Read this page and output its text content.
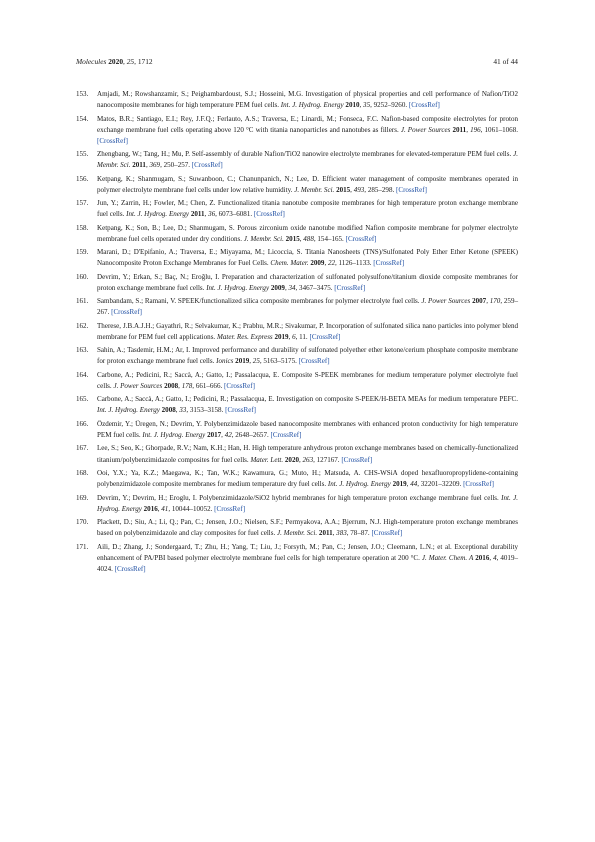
Molecules 2020, 25, 1712	41 of 44
153. Amjadi, M.; Rowshanzamir, S.; Peighambardoust, S.J.; Hosseini, M.G. Investigation of physical properties and cell performance of Nafion/TiO2 nanocomposite membranes for high temperature PEM fuel cells. Int. J. Hydrog. Energy 2010, 35, 9252–9260. [CrossRef]
154. Matos, B.R.; Santiago, E.I.; Rey, J.F.Q.; Ferlauto, A.S.; Traversa, E.; Linardi, M.; Fonseca, F.C. Nafion-based composite electrolytes for proton exchange membrane fuel cells operating above 120 °C with titania nanoparticles and nanotubes as fillers. J. Power Sources 2011, 196, 1061–1068. [CrossRef]
155. Zhengbang, W.; Tang, H.; Mu, P. Self-assembly of durable Nafion/TiO2 nanowire electrolyte membranes for elevated-temperature PEM fuel cells. J. Membr. Sci. 2011, 369, 250–257. [CrossRef]
156. Ketpang, K.; Shanmugam, S.; Suwanboon, C.; Chanunpanich, N.; Lee, D. Efficient water management of composite membranes operated in polymer electrolyte membrane fuel cells under low relative humidity. J. Membr. Sci. 2015, 493, 285–298. [CrossRef]
157. Jun, Y.; Zarrin, H.; Fowler, M.; Chen, Z. Functionalized titania nanotube composite membranes for high temperature proton exchange membrane fuel cells. Int. J. Hydrog. Energy 2011, 36, 6073–6081. [CrossRef]
158. Ketpang, K.; Son, B.; Lee, D.; Shanmugam, S. Porous zirconium oxide nanotube modified Nafion composite membrane for polymer electrolyte membrane fuel cells operated under dry conditions. J. Membr. Sci. 2015, 488, 154–165. [CrossRef]
159. Marani, D.; D'Epifanio, A.; Traversa, E.; Miyayama, M.; Licoccia, S. Titania Nanosheets (TNS)/Sulfonated Poly Ether Ether Ketone (SPEEK) Nanocomposite Proton Exchange Membranes for Fuel Cells. Chem. Mater. 2009, 22, 1126–1133. [CrossRef]
160. Devrim, Y.; Erkan, S.; Baç, N.; Eroğlu, I. Preparation and characterization of sulfonated polysulfone/titanium dioxide composite membranes for proton exchange membrane fuel cells. Int. J. Hydrog. Energy 2009, 34, 3467–3475. [CrossRef]
161. Sambandam, S.; Ramani, V. SPEEK/functionalized silica composite membranes for polymer electrolyte fuel cells. J. Power Sources 2007, 170, 259–267. [CrossRef]
162. Therese, J.B.A.J.H.; Gayathri, R.; Selvakumar, K.; Prabhu, M.R.; Sivakumar, P. Incorporation of sulfonated silica nano particles into polymer blend membrane for PEM fuel cell applications. Mater. Res. Express 2019, 6, 11. [CrossRef]
163. Sahin, A.; Tasdemir, H.M.; Ar, I. Improved performance and durability of sulfonated polyether ether ketone/cerium phosphate composite membrane for proton exchange membrane fuel cells. Ionics 2019, 25, 5163–5175. [CrossRef]
164. Carbone, A.; Pedicini, R.; Saccà, A.; Gatto, I.; Passalacqua, E. Composite S-PEEK membranes for medium temperature polymer electrolyte fuel cells. J. Power Sources 2008, 178, 661–666. [CrossRef]
165. Carbone, A.; Saccà, A.; Gatto, I.; Pedicini, R.; Passalacqua, E. Investigation on composite S-PEEK/H-BETA MEAs for medium temperature PEFC. Int. J. Hydrog. Energy 2008, 33, 3153–3158. [CrossRef]
166. Özdemir, Y.; Üregen, N.; Devrim, Y. Polybenzimidazole based nanocomposite membranes with enhanced proton conductivity for high temperature PEM fuel cells. Int. J. Hydrog. Energy 2017, 42, 2648–2657. [CrossRef]
167. Lee, S.; Seo, K.; Ghorpade, R.V.; Nam, K.H.; Han, H. High temperature anhydrous proton exchange membranes based on chemically-functionalized titanium/polybenzimidazole composites for fuel cells. Mater. Lett. 2020, 263, 127167. [CrossRef]
168. Ooi, Y.X.; Ya, K.Z.; Maegawa, K.; Tan, W.K.; Kawamura, G.; Muto, H.; Matsuda, A. CHS-WSiA doped hexafluoropropylidene-containing polybenzimidazole composite membranes for medium temperature dry fuel cells. Int. J. Hydrog. Energy 2019, 44, 32201–32209. [CrossRef]
169. Devrim, Y.; Devrim, H.; Eroglu, I. Polybenzimidazole/SiO2 hybrid membranes for high temperature proton exchange membrane fuel cells. Int. J. Hydrog. Energy 2016, 41, 10044–10052. [CrossRef]
170. Plackett, D.; Siu, A.; Li, Q.; Pan, C.; Jensen, J.O.; Nielsen, S.F.; Permyakova, A.A.; Bjerrum, N.J. High-temperature proton exchange membranes based on polybenzimidazole and clay composites for fuel cells. J. Membr. Sci. 2011, 383, 78–87. [CrossRef]
171. Aili, D.; Zhang, J.; Sondergaard, T.; Zhu, H.; Yang, T.; Liu, J.; Forsyth, M.; Pan, C.; Jensen, J.O.; Cleemann, L.N.; et al. Exceptional durability enhancement of PA/PBI based polymer electrolyte membrane fuel cells for high temperature operation at 200 °C. J. Mater. Chem. A 2016, 4, 4019–4024. [CrossRef]
